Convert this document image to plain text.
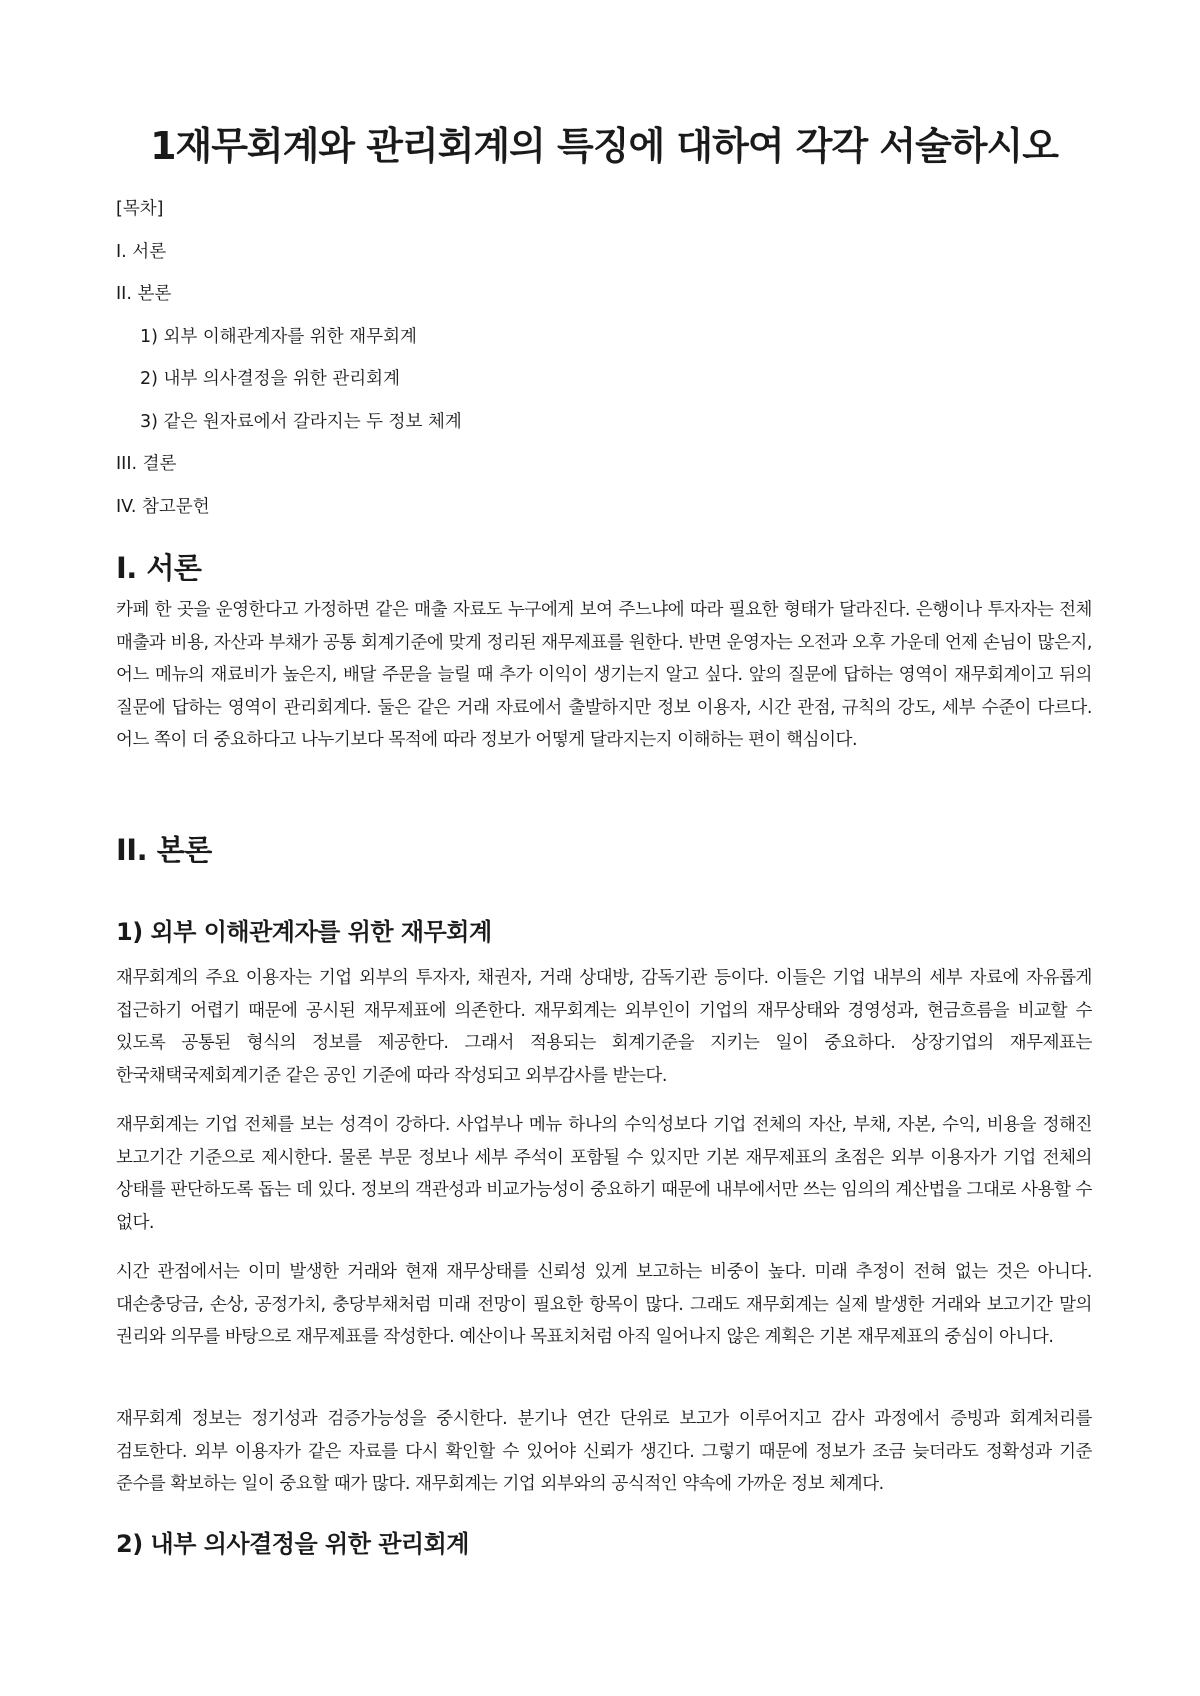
1재무회계와 관리회계의 특징에 대하여 각각 서술하시오
[목차]
I. 서론
II. 본론
1) 외부 이해관계자를 위한 재무회계
2) 내부 의사결정을 위한 관리회계
3) 같은 원자료에서 갈라지는 두 정보 체계
III. 결론
IV. 참고문헌
I. 서론

카페 한 곳을 운영한다고 가정하면 같은 매출 자료도 누구에게 보여 주느냐에 따라 필요한 형태가 달라진다. 은행이나 투자자는 전체 매출과 비용, 자산과 부채가 공통 회계기준에 맞게 정리된 재무제표를 원한다. 반면 운영자는 오전과 오후 가운데 언제 손님이 많은지, 어느 메뉴의 재료비가 높은지, 배달 주문을 늘릴 때 추가 이익이 생기는지 알고 싶다. 앞의 질문에 답하는 영역이 재무회계이고 뒤의 질문에 답하는 영역이 관리회계다. 둘은 같은 거래 자료에서 출발하지만 정보 이용자, 시간 관점, 규칙의 강도, 세부 수준이 다르다. 어느 쪽이 더 중요하다고 나누기보다 목적에 따라 정보가 어떻게 달라지는지 이해하는 편이 핵심이다.

II. 본론
1) 외부 이해관계자를 위한 재무회계

재무회계의 주요 이용자는 기업 외부의 투자자, 채권자, 거래 상대방, 감독기관 등이다. 이들은 기업 내부의 세부 자료에 자유롭게 접근하기 어렵기 때문에 공시된 재무제표에 의존한다. 재무회계는 외부인이 기업의 재무상태와 경영성과, 현금흐름을 비교할 수 있도록 공통된 형식의 정보를 제공한다. 그래서 적용되는 회계기준을 지키는 일이 중요하다. 상장기업의 재무제표는 한국채택국제회계기준 같은 공인 기준에 따라 작성되고 외부감사를 받는다.

재무회계는 기업 전체를 보는 성격이 강하다. 사업부나 메뉴 하나의 수익성보다 기업 전체의 자산, 부채, 자본, 수익, 비용을 정해진 보고기간 기준으로 제시한다. 물론 부문 정보나 세부 주석이 포함될 수 있지만 기본 재무제표의 초점은 외부 이용자가 기업 전체의 상태를 판단하도록 돕는 데 있다. 정보의 객관성과 비교가능성이 중요하기 때문에 내부에서만 쓰는 임의의 계산법을 그대로 사용할 수 없다.

시간 관점에서는 이미 발생한 거래와 현재 재무상태를 신뢰성 있게 보고하는 비중이 높다. 미래 추정이 전혀 없는 것은 아니다. 대손충당금, 손상, 공정가치, 충당부채처럼 미래 전망이 필요한 항목이 많다. 그래도 재무회계는 실제 발생한 거래와 보고기간 말의 권리와 의무를 바탕으로 재무제표를 작성한다. 예산이나 목표치처럼 아직 일어나지 않은 계획은 기본 재무제표의 중심이 아니다.

재무회계 정보는 정기성과 검증가능성을 중시한다. 분기나 연간 단위로 보고가 이루어지고 감사 과정에서 증빙과 회계처리를 검토한다. 외부 이용자가 같은 자료를 다시 확인할 수 있어야 신뢰가 생긴다. 그렇기 때문에 정보가 조금 늦더라도 정확성과 기준 준수를 확보하는 일이 중요할 때가 많다. 재무회계는 기업 외부와의 공식적인 약속에 가까운 정보 체계다.

2) 내부 의사결정을 위한 관리회계
